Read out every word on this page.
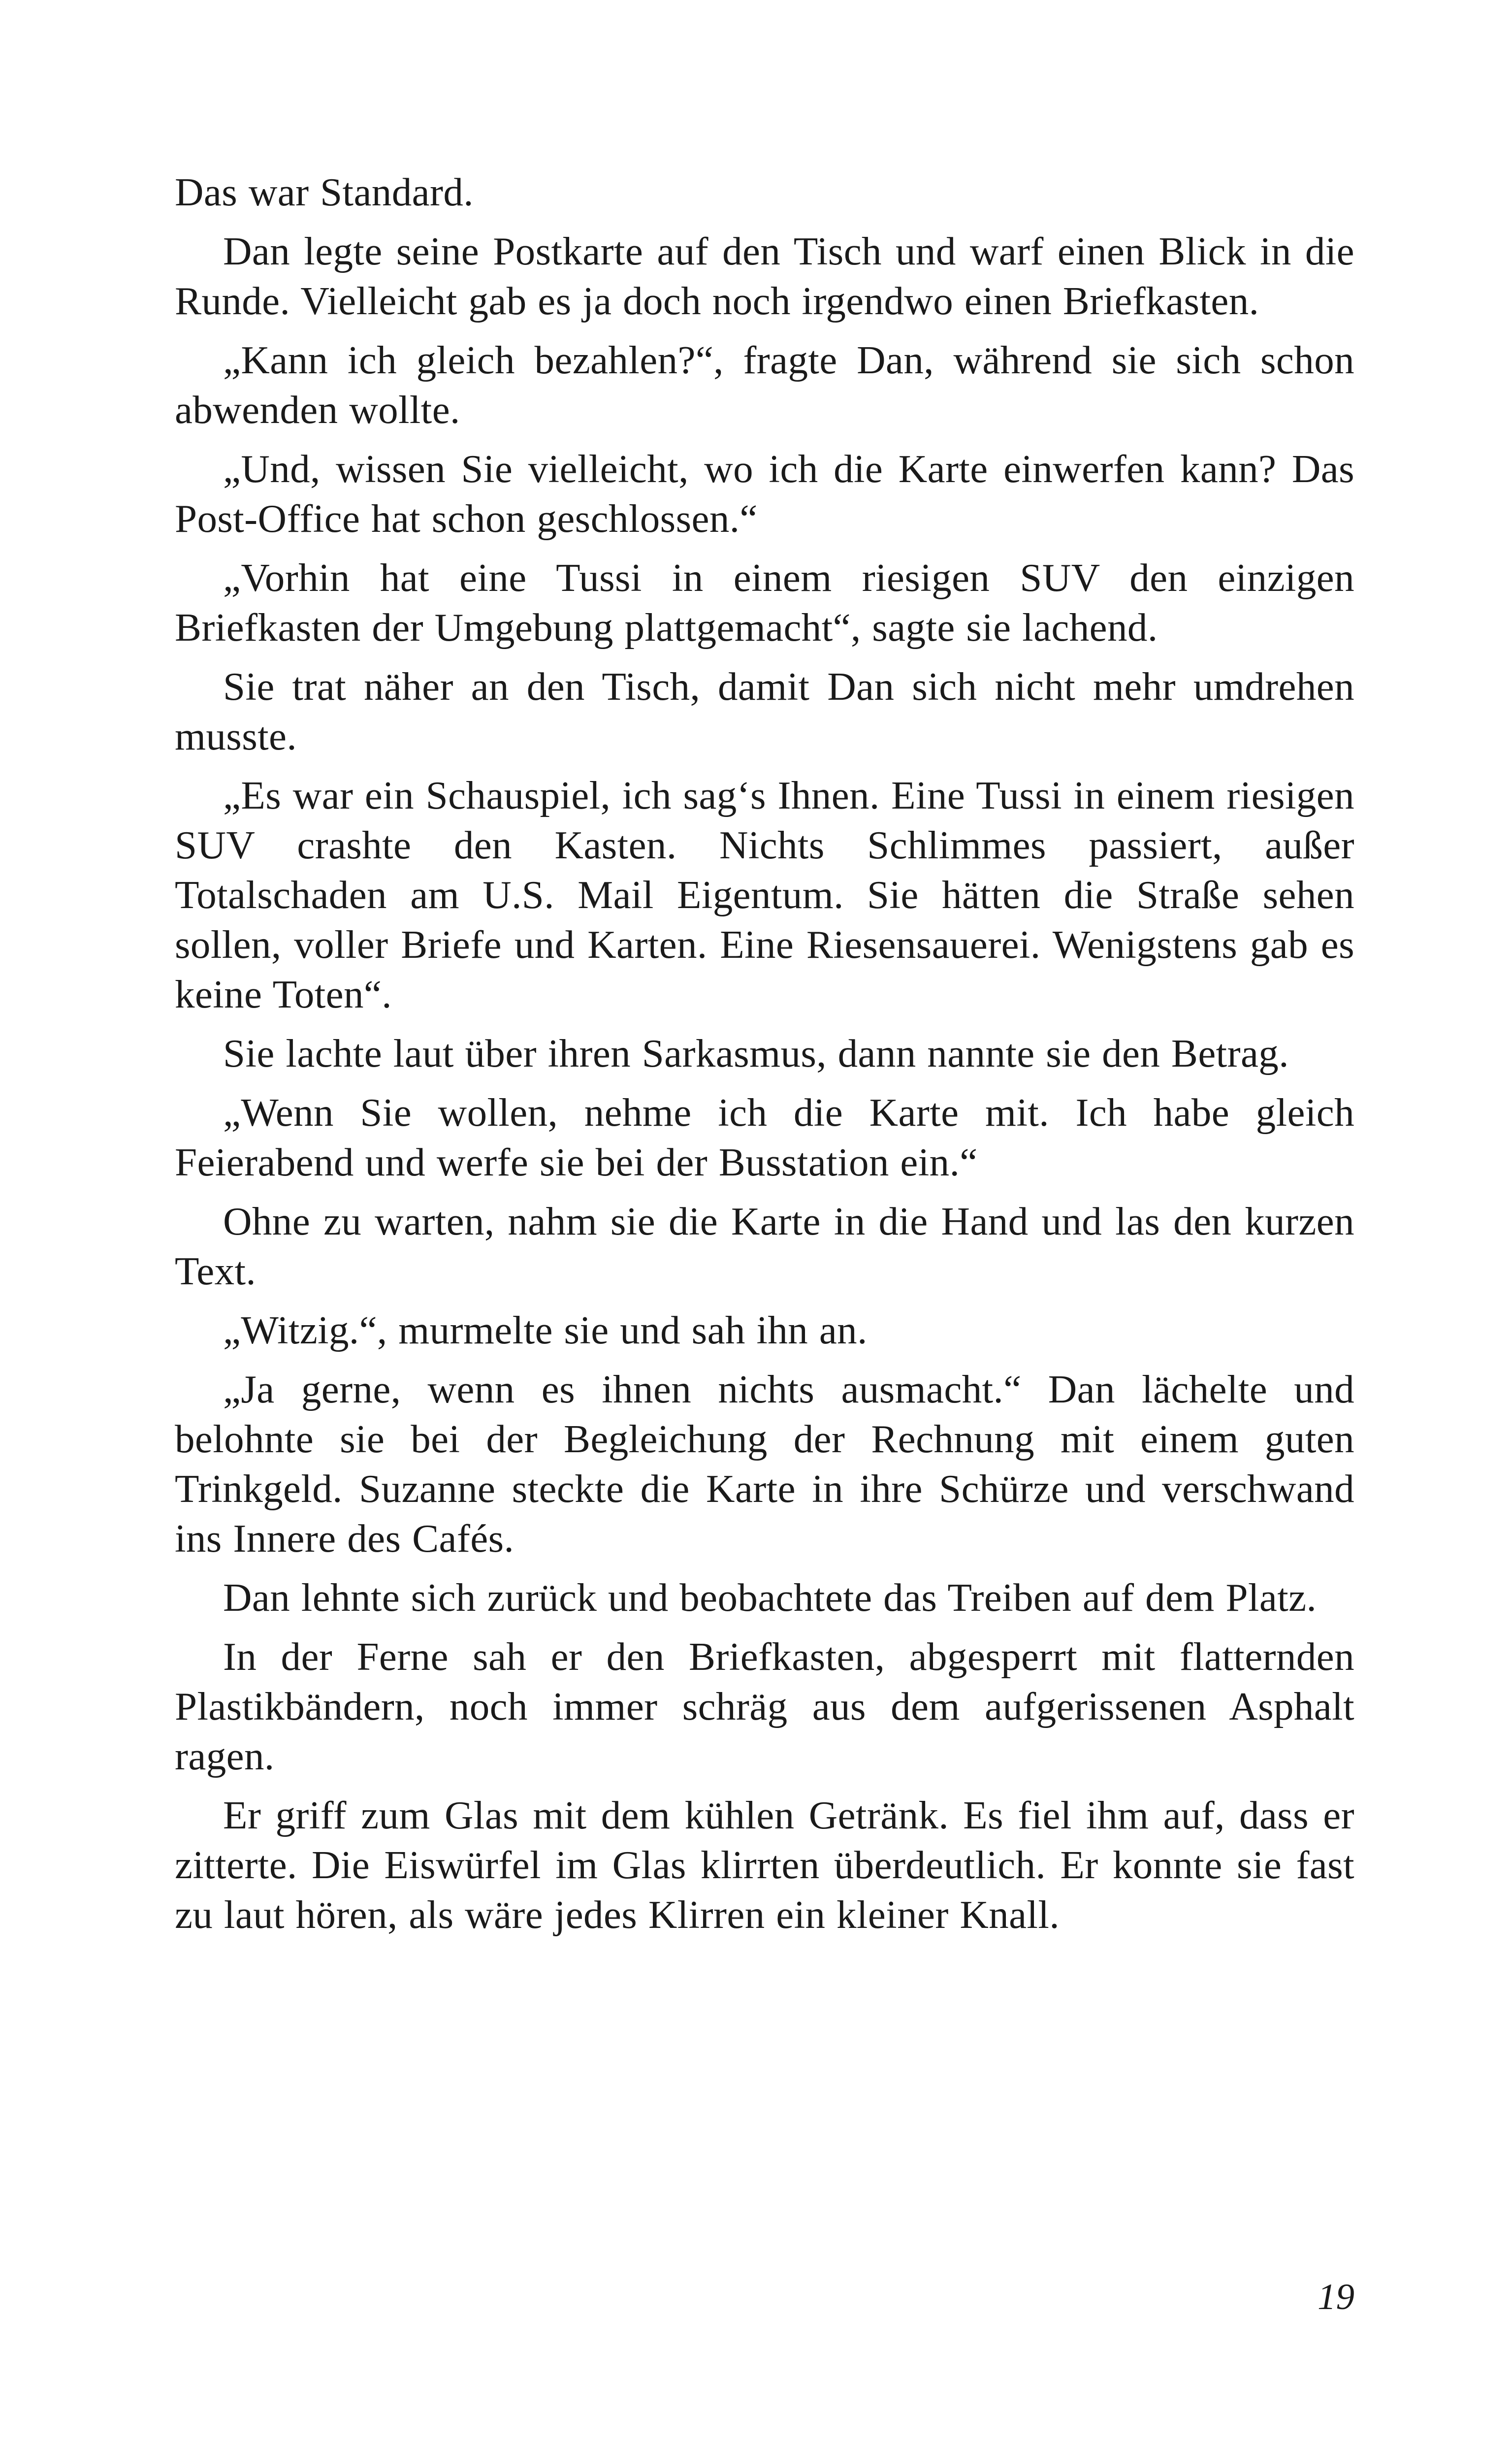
Das war Standard.

Dan legte seine Postkarte auf den Tisch und warf einen Blick in die Runde. Vielleicht gab es ja doch noch irgendwo einen Briefkasten.

„Kann ich gleich bezahlen?“, fragte Dan, während sie sich schon abwenden wollte.

„Und, wissen Sie vielleicht, wo ich die Karte einwerfen kann? Das Post-Office hat schon geschlossen.“

„Vorhin hat eine Tussi in einem riesigen SUV den einzigen Briefkasten der Umgebung plattgemacht“, sagte sie lachend.

Sie trat näher an den Tisch, damit Dan sich nicht mehr umdrehen musste.

„Es war ein Schauspiel, ich sag‘s Ihnen. Eine Tussi in einem riesigen SUV crashte den Kasten. Nichts Schlimmes passiert, außer Totalschaden am U.S. Mail Eigentum. Sie hätten die Straße sehen sollen, voller Briefe und Karten. Eine Riesensauerei. Wenigstens gab es keine Toten“.

Sie lachte laut über ihren Sarkasmus, dann nannte sie den Betrag.

„Wenn Sie wollen, nehme ich die Karte mit. Ich habe gleich Feierabend und werfe sie bei der Busstation ein.“

Ohne zu warten, nahm sie die Karte in die Hand und las den kurzen Text.

„Witzig.“, murmelte sie und sah ihn an.

„Ja gerne, wenn es ihnen nichts ausmacht.“ Dan lächelte und belohnte sie bei der Begleichung der Rechnung mit einem guten Trinkgeld. Suzanne steckte die Karte in ihre Schürze und verschwand ins Innere des Cafés.

Dan lehnte sich zurück und beobachtete das Treiben auf dem Platz.

In der Ferne sah er den Briefkasten, abgesperrt mit flatternden Plastikbändern, noch immer schräg aus dem aufgerissenen Asphalt ragen.

Er griff zum Glas mit dem kühlen Getränk. Es fiel ihm auf, dass er zitterte. Die Eiswürfel im Glas klirrten überdeutlich. Er konnte sie fast zu laut hören, als wäre jedes Klirren ein kleiner Knall.

19
